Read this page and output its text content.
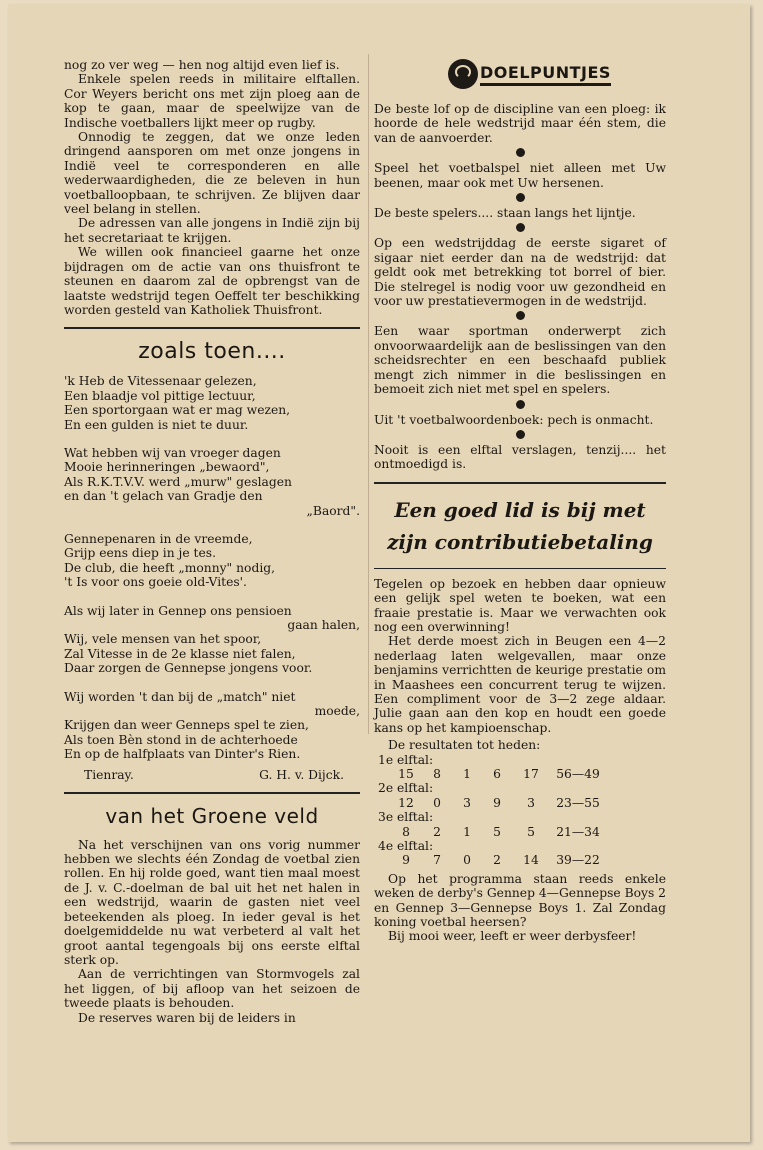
nog zo ver weg — hen nog altijd even lief is.

Enkele spelen reeds in militaire elftallen. Cor Weyers bericht ons met zijn ploeg aan de kop te gaan, maar de speelwijze van de Indische voetballers lijkt meer op rugby.

Onnodig te zeggen, dat we onze leden dringend aansporen om met onze jongens in Indië veel te corresponderen en alle wederwaardigheden, die ze beleven in hun voetballoopbaan, te schrijven. Ze blijven daar veel belang in stellen.

De adressen van alle jongens in Indië zijn bij het secretariaat te krijgen.

We willen ook financieel gaarne het onze bijdragen om de actie van ons thuisfront te steunen en daarom zal de opbrengst van de laatste wedstrijd tegen Oeffelt ter beschikking worden gesteld van Katholiek Thuisfront.

zoals toen....

'k Heb de Vitessenaar gelezen,

Een blaadje vol pittige lectuur,

Een sportorgaan wat er mag wezen,

En een gulden is niet te duur.

Wat hebben wij van vroeger dagen

Mooie herinneringen „bewaord",

Als R.K.T.V.V. werd „murw" geslagen

en dan 't gelach van Gradje den

„Baord".

Gennepenaren in de vreemde,

Grijp eens diep in je tes.

De club, die heeft „monny" nodig,

't Is voor ons goeie old-Vites'.

Als wij later in Gennep ons pensioen

gaan halen,

Wij, vele mensen van het spoor,

Zal Vitesse in de 2e klasse niet falen,

Daar zorgen de Gennepse jongens voor.

Wij worden 't dan bij de „match" niet

moede,

Krijgen dan weer Genneps spel te zien,

Als toen Bèn stond in de achterhoede

En op de halfplaats van Dinter's Rien.

Tienray.	G. H. v. Dijck.
van het Groene veld

Na het verschijnen van ons vorig nummer hebben we slechts één Zondag de voetbal zien rollen. En hij rolde goed, want tien maal moest de J. v. C.-doelman de bal uit het net halen in een wedstrijd, waarin de gasten niet veel beteekenden als ploeg. In ieder geval is het doelgemiddelde nu wat verbeterd al valt het groot aantal tegengoals bij ons eerste elftal sterk op.

Aan de verrichtingen van Stormvogels zal het liggen, of bij afloop van het seizoen de tweede plaats is behouden.

De reserves waren bij de leiders in

DOELPUNTJES

De beste lof op de discipline van een ploeg: ik hoorde de hele wedstrijd maar één stem, die van de aanvoerder.

Speel het voetbalspel niet alleen met Uw beenen, maar ook met Uw hersenen.

De beste spelers.... staan langs het lijntje.

Op een wedstrijddag de eerste sigaret of sigaar niet eerder dan na de wedstrijd: dat geldt ook met betrekking tot borrel of bier. Die stelregel is nodig voor uw gezondheid en voor uw prestatievermogen in de wedstrijd.

Een waar sportman onderwerpt zich onvoorwaardelijk aan de beslissingen van den scheidsrechter en een beschaafd publiek mengt zich nimmer in die beslissingen en bemoeit zich niet met spel en spelers.

Uit 't voetbalwoordenboek: pech is onmacht.

Nooit is een elftal verslagen, tenzij.... het ontmoedigd is.

Een goed lid is bij met
zijn contributiebetaling

Tegelen op bezoek en hebben daar opnieuw een gelijk spel weten te boeken, wat een fraaie prestatie is. Maar we verwachten ook nog een overwinning!

Het derde moest zich in Beugen een 4—2 nederlaag laten welgevallen, maar onze benjamins verrichtten de keurige prestatie om in Maashees een concurrent terug te wijzen. Een compliment voor de 3—2 zege aldaar. Julie gaan aan den kop en houdt een goede kans op het kampioenschap.

De resultaten tot heden:

1e elftal:
15	8	1	6	17	56—49
2e elftal:
12	0	3	9	3	23—55
3e elftal:
8	2	1	5	5	21—34
4e elftal:
9	7	0	2	14	39—22

Op het programma staan reeds enkele weken de derby's Gennep 4—Gennepse Boys 2 en Gennep 3—Gennepse Boys 1. Zal Zondag koning voetbal heersen?

Bij mooi weer, leeft er weer derbysfeer!
